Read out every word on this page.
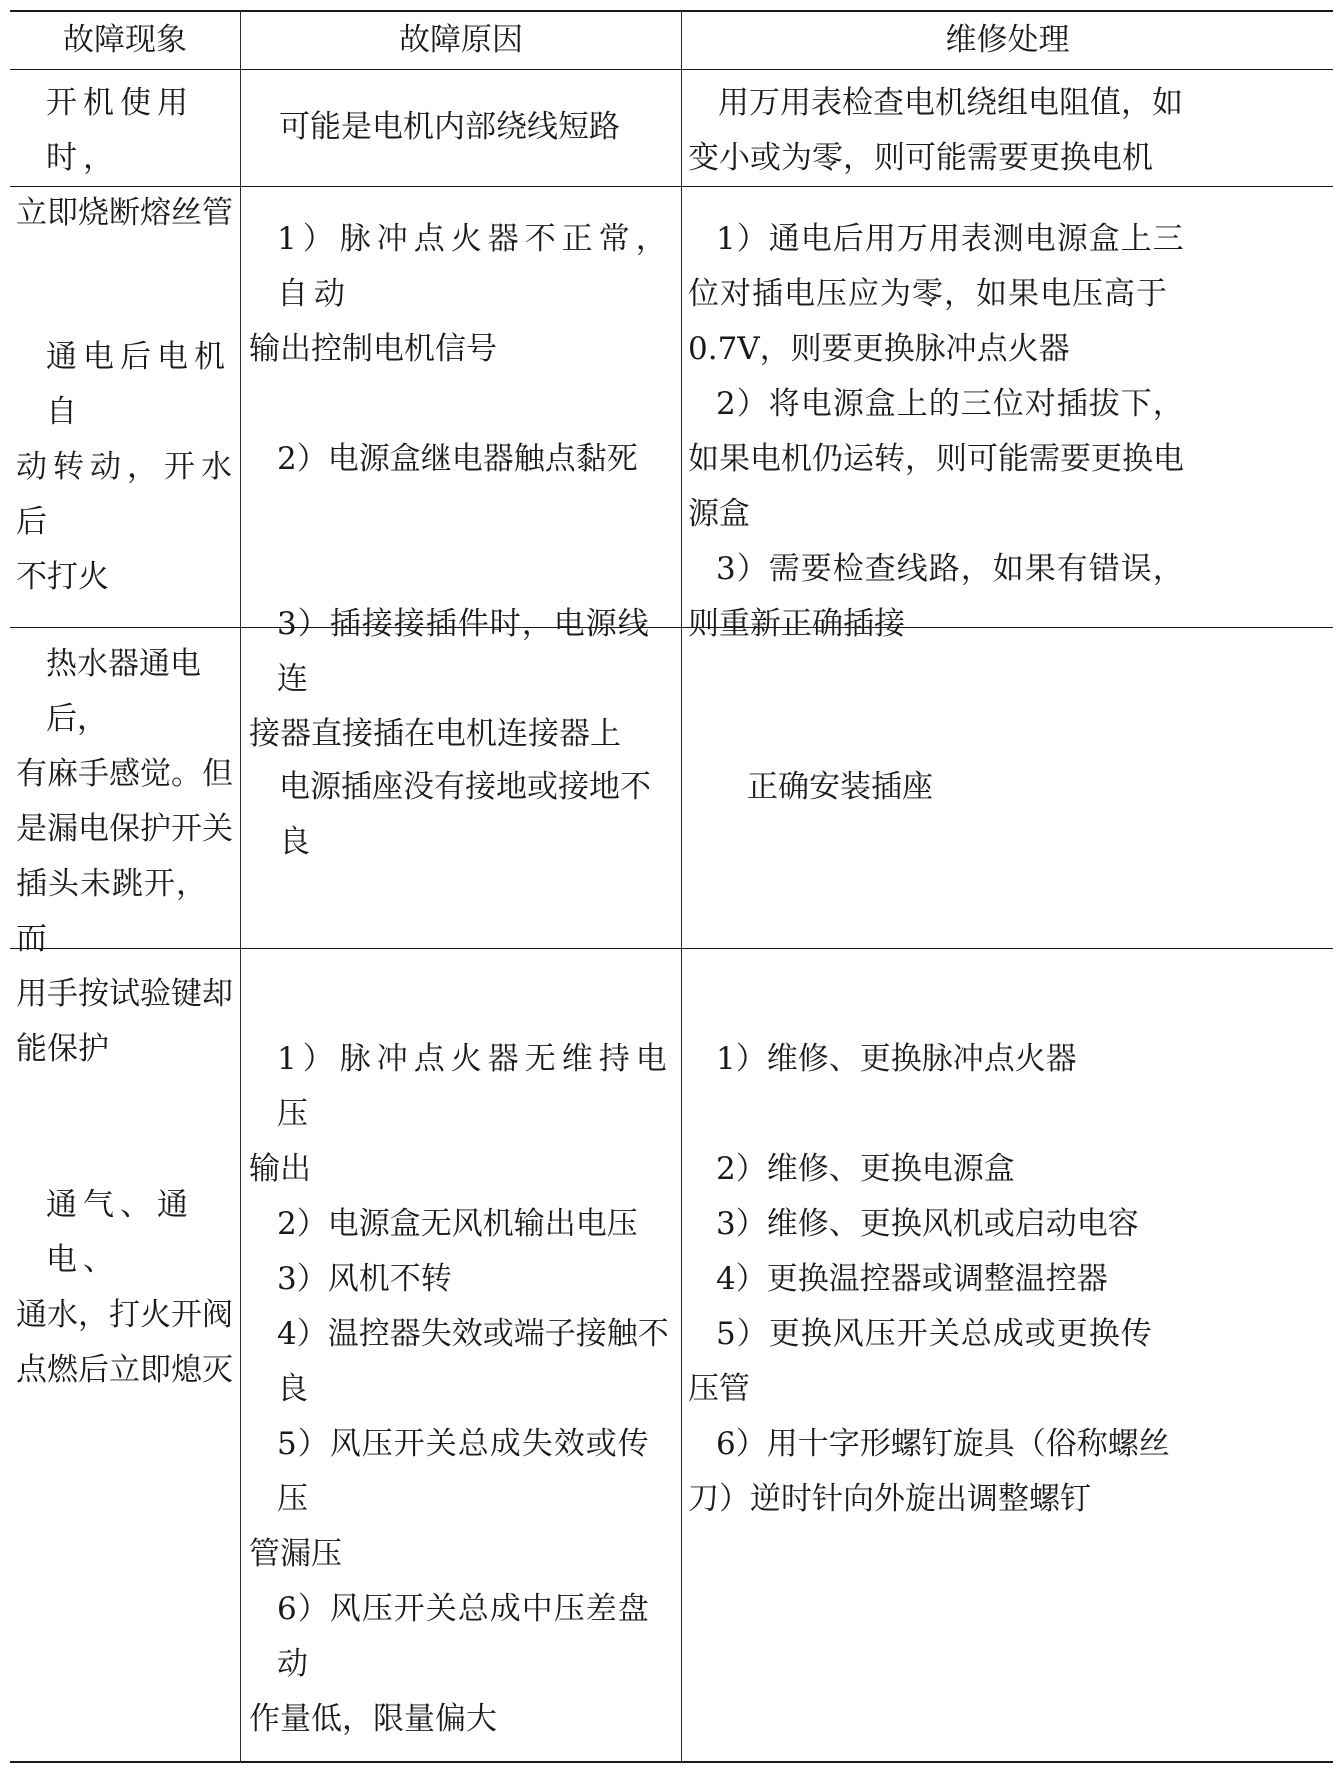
故障现象	故障原因	维修处理

开机使用时，

立即烧断熔丝管

可能是电机内部绕线短路

用万用表检查电机绕组电阻值，如

变小或为零，则可能需要更换电机

通电后电机自

动转动，开水后

不打火

1）脉冲点火器不正常，自动

输出控制电机信号

2）电源盒继电器触点黏死

3）插接接插件时，电源线连

接器直接插在电机连接器上

1）通电后用万用表测电源盒上三

位对插电压应为零，如果电压高于

0.7V，则要更换脉冲点火器

2）将电源盒上的三位对插拔下，

如果电机仍运转，则可能需要更换电

源盒

3）需要检查线路，如果有错误，

则重新正确插接

热水器通电后，

有麻手感觉。但

是漏电保护开关

插头未跳开，而

用手按试验键却

能保护

电源插座没有接地或接地不良

正确安装插座

通气、通电、

通水，打火开阀

点燃后立即熄灭

1）脉冲点火器无维持电压

输出

2）电源盒无风机输出电压

3）风机不转

4）温控器失效或端子接触不良

5）风压开关总成失效或传压

管漏压

6）风压开关总成中压差盘动

作量低，限量偏大

1）维修、更换脉冲点火器

2）维修、更换电源盒

3）维修、更换风机或启动电容

4）更换温控器或调整温控器

5）更换风压开关总成或更换传

压管

6）用十字形螺钉旋具（俗称螺丝

刀）逆时针向外旋出调整螺钉
